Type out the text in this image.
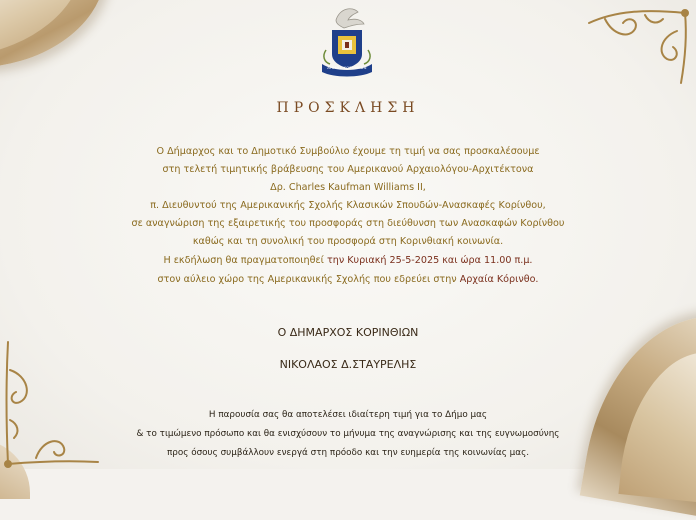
ΔΗΜΟΣ ΚΟΡΙΝΘΙΩΝ
ΠΡΟΣΚΛΗΣΗ
Ο Δήμαρχος και το Δημοτικό Συμβούλιο έχουμε τη τιμή να σας προσκαλέσουμε
στη τελετή τιμητικής βράβευσης του Αμερικανού Αρχαιολόγου-Αρχιτέκτονα
Δρ. Charles Kaufman Williams II,
π. Διευθυντού της Αμερικανικής Σχολής Κλασικών Σπουδών-Ανασκαφές Κορίνθου,
σε αναγνώριση της εξαιρετικής του προσφοράς στη διεύθυνση των Ανασκαφών Κορίνθου
καθώς και τη συνολική του προσφορά στη Κορινθιακή κοινωνία.
Η εκδήλωση θα πραγματοποιηθεί την Κυριακή 25-5-2025 και ώρα 11.00 π.μ.
στον αύλειο χώρο της Αμερικανικής Σχολής που εδρεύει στην Αρχαία Κόρινθο.
Ο ΔΗΜΑΡΧΟΣ ΚΟΡΙΝΘΙΩΝ
ΝΙΚΟΛΑΟΣ Δ.ΣΤΑΥΡΕΛΗΣ
Η παρουσία σας θα αποτελέσει ιδιαίτερη τιμή για το Δήμο μας
& το τιμώμενο πρόσωπο και θα ενισχύσουν το μήνυμα της αναγνώρισης και της ευγνωμοσύνης
προς όσους συμβάλλουν ενεργά στη πρόοδο και την ευημερία της κοινωνίας μας.
